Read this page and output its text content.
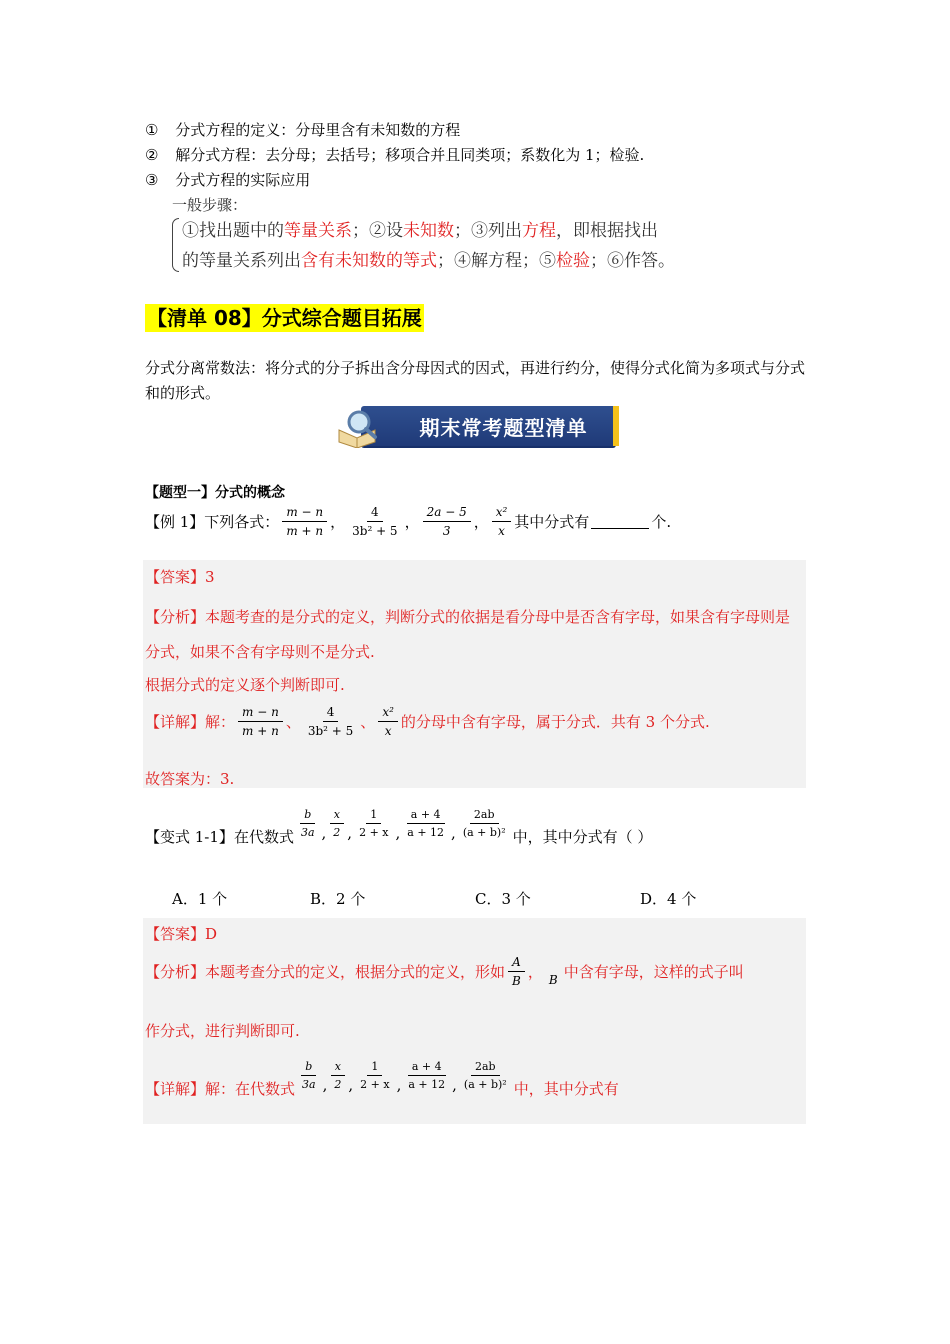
① 分式方程的定义：分母里含有未知数的方程
② 解分式方程：去分母；去括号；移项合并且同类项；系数化为 1；检验.
③ 分式方程的实际应用
一般步骤：
①找出题中的等量关系；②设未知数；③列出方程，即根据找出
的等量关系列出含有未知数的等式；④解方程；⑤检验；⑥作答。
【清单 08】分式综合题目拓展
分式分离常数法：将分式的分子拆出含分母因式的因式，再进行约分，使得分式化简为多项式与分式和的形式。
期末常考题型清单
【题型一】分式的概念
【例 1】下列各式： $\frac{m - n}{m + n}$ ， $\frac{4}{\text{3b² + 5}}$ ， $\frac{2a - 5}{3}$ ， $\frac{\text{x²}}{x}$ 其中分式有	个.
【答案】3
【分析】本题考查的是分式的定义，判断分式的依据是看分母中是否含有字母，如果含有字母则是分式，如果不含有字母则不是分式.
根据分式的定义逐个判断即可.
【详解】 解： $\frac{m - n}{m + n}$ 、 $\frac{4}{\text{3b² + 5}}$ 、 $\frac{\text{x²}}{x}$ 的分母中含有字母，属于分式．共有 3 个分式.
故答案为：3.
【变式 1-1】 在代数式 $\frac{b}{3a}$ , $\frac{x}{2}$ , $\frac{1}{2 + x}$ , $\frac{a + 4}{a + 12}$ , $\frac{2ab}{\text{(a + b)²}}$ 中，其中分式有（ ）
A．1 个	B．2 个	C．3 个	D．4 个
【答案】D
【分析】 本题考查分式的定义，根据分式的定义，形如 $\frac{A}{B}$ ， B 中含有字母，这样的式子叫
作分式，进行判断即可.
【详解】 解：在代数式 $\frac{b}{3a}$ , $\frac{x}{2}$ , $\frac{1}{2 + x}$ , $\frac{a + 4}{a + 12}$ , $\frac{2ab}{\text{(a + b)²}}$ 中，其中分式有
